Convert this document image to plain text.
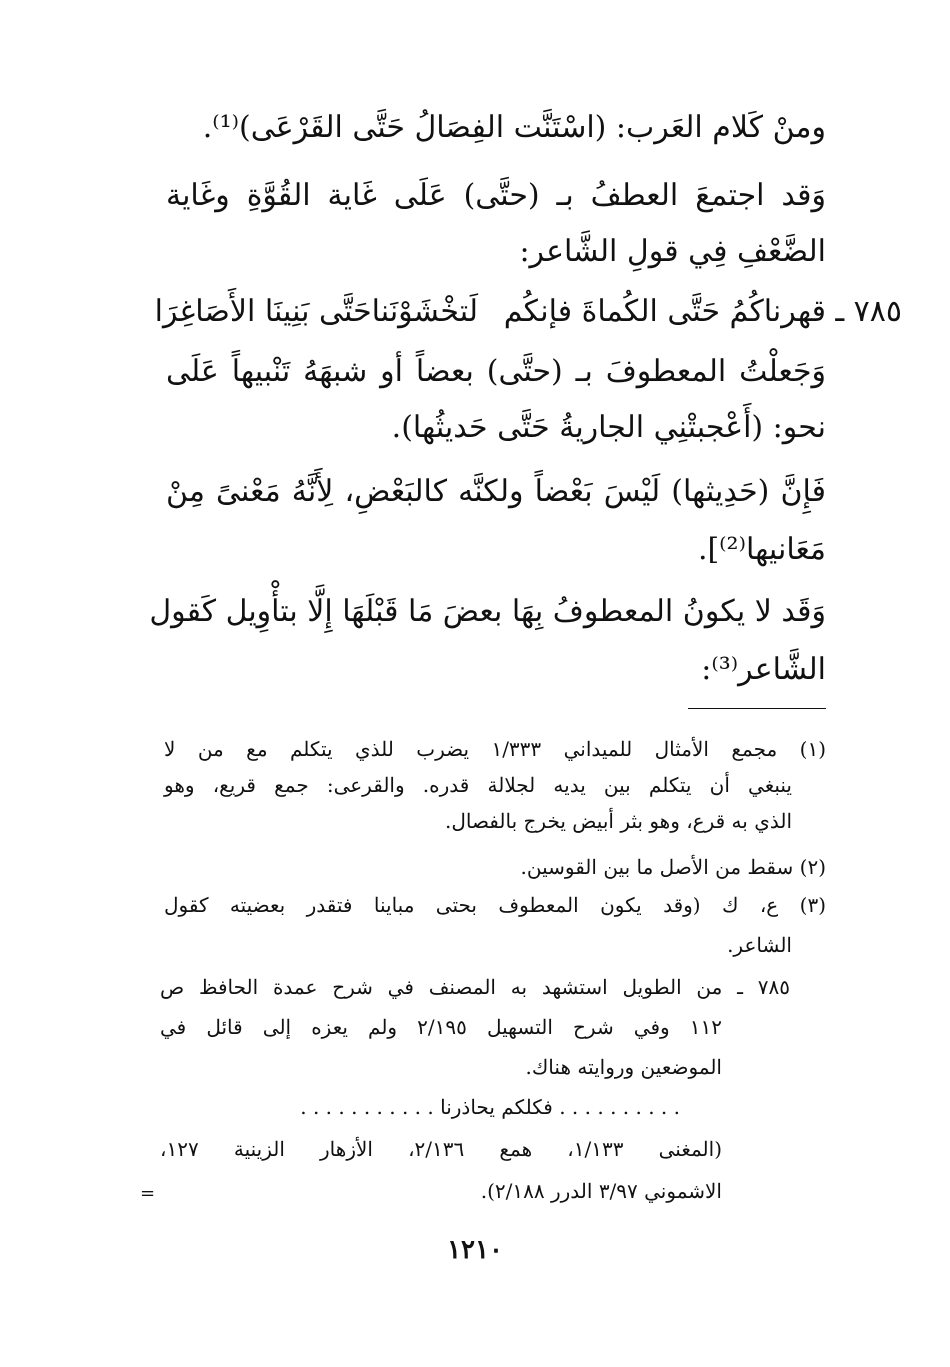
ومنْ كَلام العَرب: (اسْتَنَّت الفِصَالُ حَتَّى القَرْعَى)⁽¹⁾.
وَقد اجتمعَ العطفُ بـ (حتَّى) عَلَى غَاية القُوَّةِ وغَاية
الضَّعْفِ فِي قولِ الشَّاعر:
٧٨٥ ـ
قهرناكُمُ حَتَّى الكُماةَ فإنكُم
لَتخْشَوْنَناحَتَّى بَنِينَا الأَصَاغِرَا
وَجَعلْتُ المعطوفَ بـ (حتَّى) بعضاً أو شبهَهُ تَنْبيهاً عَلَى
نحو: (أَعْجبتْنِي الجاريةُ حَتَّى حَديثُها).
فَإِنَّ (حَدِيثها) لَيْسَ بَعْضاً ولكنَّه كالبَعْضِ، لِأَنَّهُ مَعْنىً مِنْ
مَعَانيها⁽²⁾].
وَقَد لا يكونُ المعطوفُ بِهَا بعضَ مَا قَبْلَهَا إِلَّا بتأْوِيل كَقول
الشَّاعر⁽³⁾:
(١) مجمع الأمثال للميداني ١/٣٣٣ يضرب للذي يتكلم مع من لا
ينبغي أن يتكلم بين يديه لجلالة قدره. والقرعى: جمع قريع، وهو
الذي به قرع، وهو بثر أبيض يخرج بالفصال.
(٢) سقط من الأصل ما بين القوسين.
(٣) ع، ك (وقد يكون المعطوف بحتى مباينا فتقدر بعضيته كقول
الشاعر.
٧٨٥ ـ من الطويل استشهد به المصنف في شرح عمدة الحافظ ص
١١٢ وفي شرح التسهيل ٢/١٩٥ ولم يعزه إلى قائل في
الموضعين وروايته هناك.
. . . . . . . . . . فكلكم يحاذرنا . . . . . . . . . . .
(المغنى ١/١٣٣، همع ٢/١٣٦، الأزهار الزينية ١٢٧،
الاشموني ٣/٩٧ الدرر ٢/١٨٨).
=
١٢١٠
